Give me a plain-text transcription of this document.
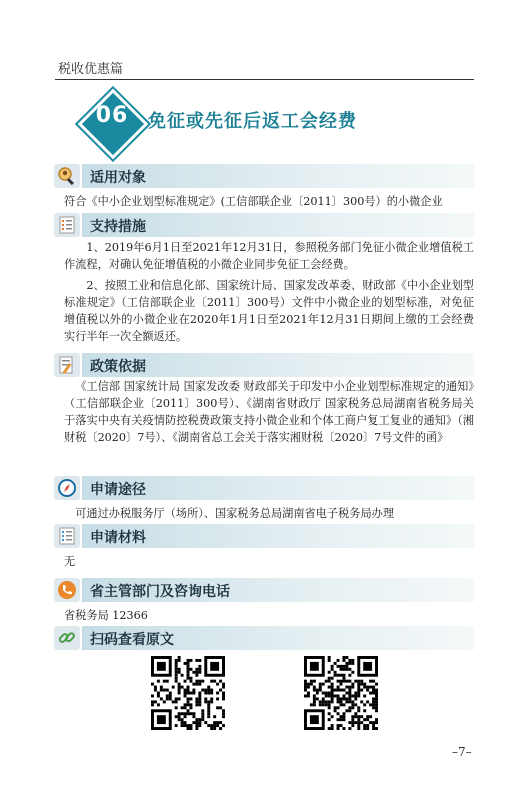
税收优惠篇
06	免征或先征后返工会经费
适用对象
符合《中小企业划型标准规定》(工信部联企业〔2011〕300号）的小微企业
支持措施
1、2019年6月1日至2021年12月31日，参照税务部门免征小微企业增值税工作流程，对确认免征增值税的小微企业同步免征工会经费。
2、按照工业和信息化部、国家统计局、国家发改革委、财政部《中小企业划型标准规定》（工信部联企业〔2011〕300号）文件中小微企业的划型标准，对免征增值税以外的小微企业在2020年1月1日至2021年12月31日期间上缴的工会经费实行半年一次全额返还。
政策依据
《工信部 国家统计局 国家发改委 财政部关于印发中小企业划型标准规定的通知》（工信部联企业〔2011〕300号）、《湖南省财政厅 国家税务总局湖南省税务局关于落实中央有关疫情防控税费政策支持小微企业和个体工商户复工复业的通知》（湘财税〔2020〕7号）、《湖南省总工会关于落实湘财税〔2020〕7号文件的函》
申请途径
可通过办税服务厅（场所）、国家税务总局湖南省电子税务局办理
申请材料
无
省主管部门及咨询电话
省税务局 12366
扫码查看原文
–7–
